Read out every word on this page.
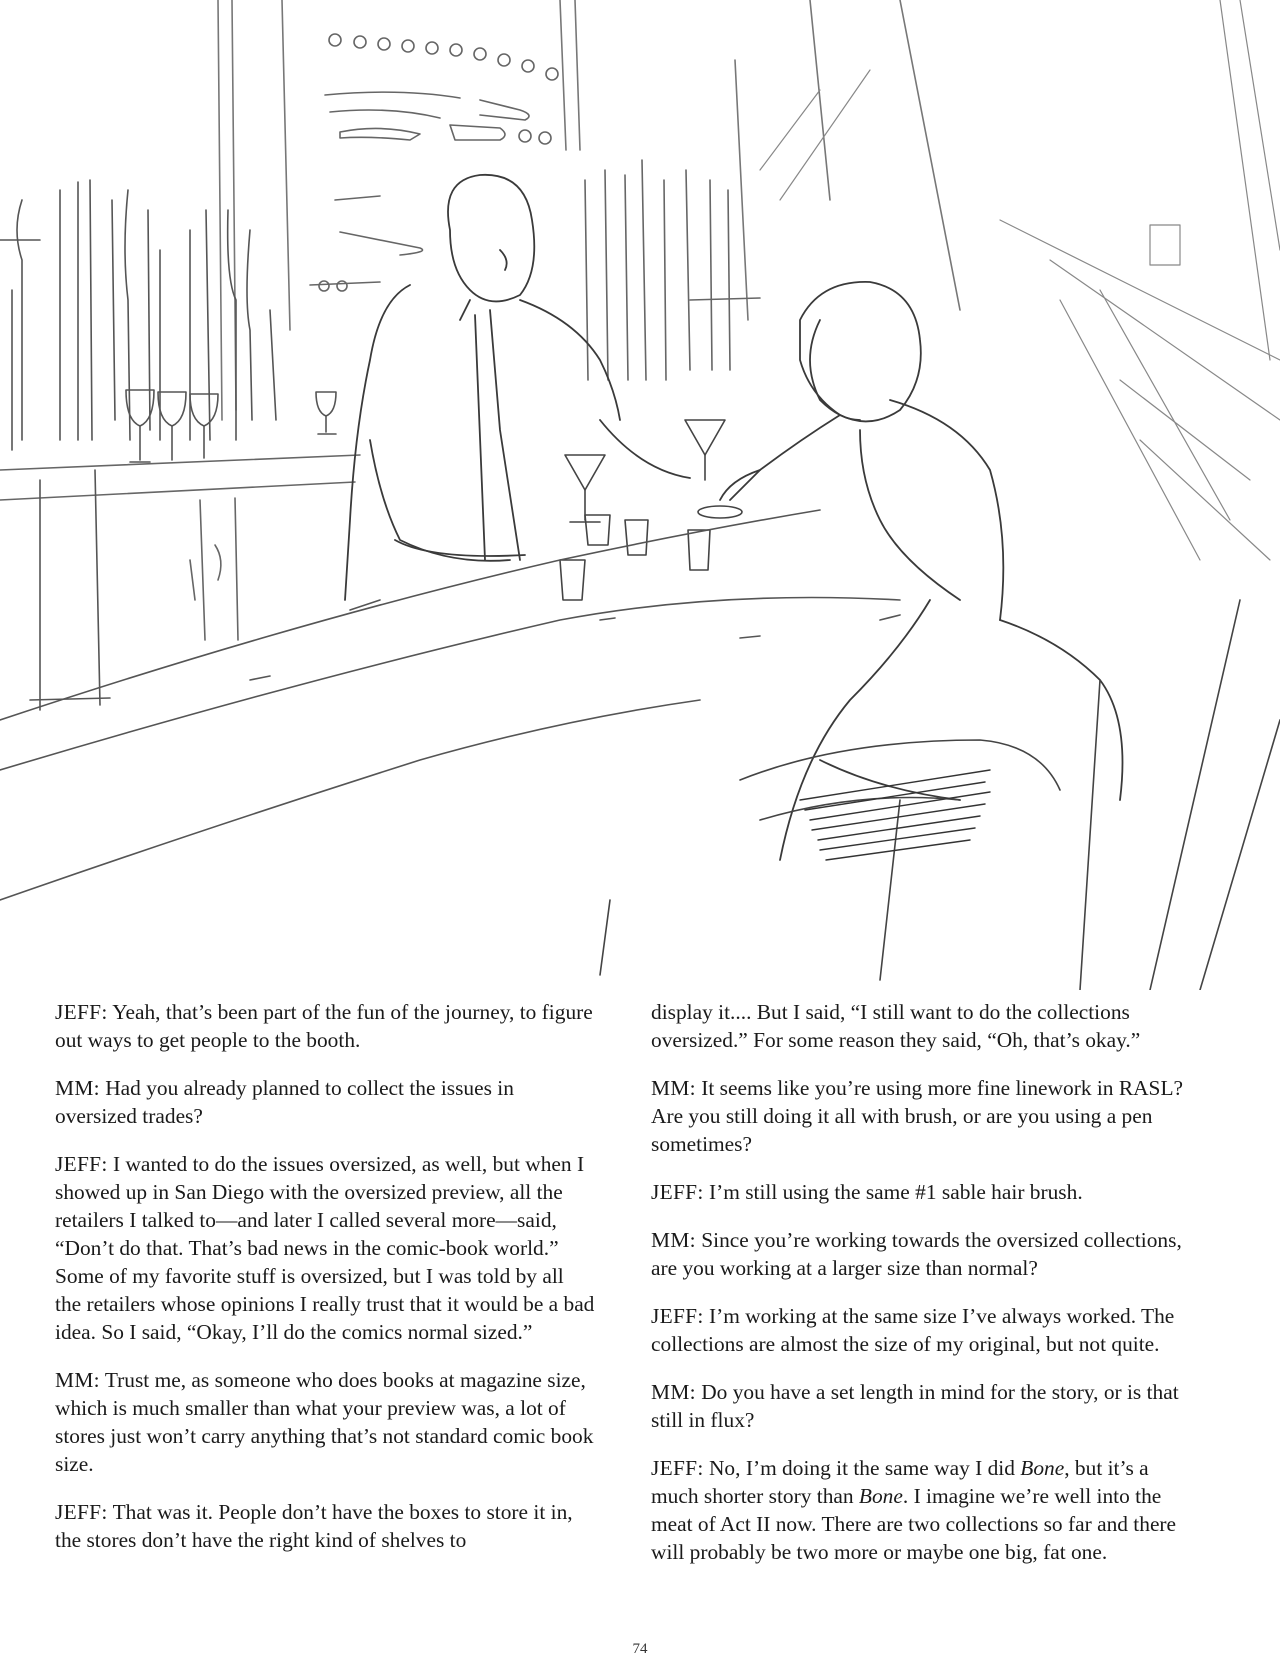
JEFF: Yeah, that’s been part of the fun of the journey, to figure out ways to get people to the booth.

MM: Had you already planned to collect the issues in oversized trades?

JEFF: I wanted to do the issues oversized, as well, but when I showed up in San Diego with the oversized preview, all the retailers I talked to—and later I called several more—said, “Don’t do that. That’s bad news in the comic-book world.” Some of my favorite stuff is oversized, but I was told by all the retailers whose opinions I really trust that it would be a bad idea. So I said, “Okay, I’ll do the comics normal sized.”

MM: Trust me, as someone who does books at magazine size, which is much smaller than what your preview was, a lot of stores just won’t carry anything that’s not standard comic book size.

JEFF: That was it. People don’t have the boxes to store it in, the stores don’t have the right kind of shelves to

display it.... But I said, “I still want to do the collections oversized.” For some reason they said, “Oh, that’s okay.”

MM: It seems like you’re using more fine linework in RASL? Are you still doing it all with brush, or are you using a pen sometimes?

JEFF: I’m still using the same #1 sable hair brush.

MM: Since you’re working towards the oversized collections, are you working at a larger size than normal?

JEFF: I’m working at the same size I’ve always worked. The collections are almost the size of my original, but not quite.

MM: Do you have a set length in mind for the story, or is that still in flux?

JEFF: No, I’m doing it the same way I did Bone, but it’s a much shorter story than Bone. I imagine we’re well into the meat of Act II now. There are two collections so far and there will probably be two more or maybe one big, fat one.

74
